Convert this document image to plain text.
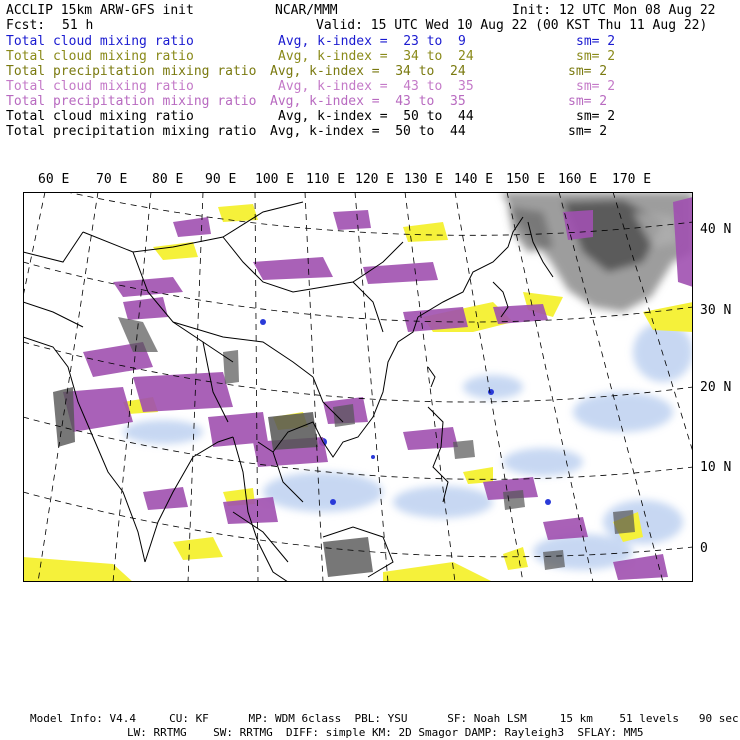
ACCLIP 15km ARW-GFS init	NCAR/MMM	Init: 12 UTC Mon 08 Aug 22
Fcst: 51 h	Valid: 15 UTC Wed 10 Aug 22 (00 KST Thu 11 Aug 22)
Total cloud mixing ratio	Avg, k-index =  23 to  9	sm= 2
Total cloud mixing ratio	Avg, k-index =  34 to  24	sm= 2
Total precipitation mixing ratio Avg, k-index =  34 to  24	sm= 2
Total cloud mixing ratio	Avg, k-index =  43 to  35	sm= 2
Total precipitation mixing ratio Avg, k-index =  43 to  35	sm= 2
Total cloud mixing ratio	Avg, k-index =  50 to  44	sm= 2
Total precipitation mixing ratio Avg, k-index =  50 to  44	sm= 2
60 E 70 E 80 E 90 E 100 E 110 E 120 E 130 E 140 E 150 E 160 E 170 E
40 N
30 N
20 N
10 N
0
Model Info: V4.4     CU: KF      MP: WDM 6class  PBL: YSU      SF: Noah LSM     15 km    51 levels   90 sec
LW: RRTMG    SW: RRTMG  DIFF: simple KM: 2D Smagor DAMP: Rayleigh3  SFLAY: MM5
